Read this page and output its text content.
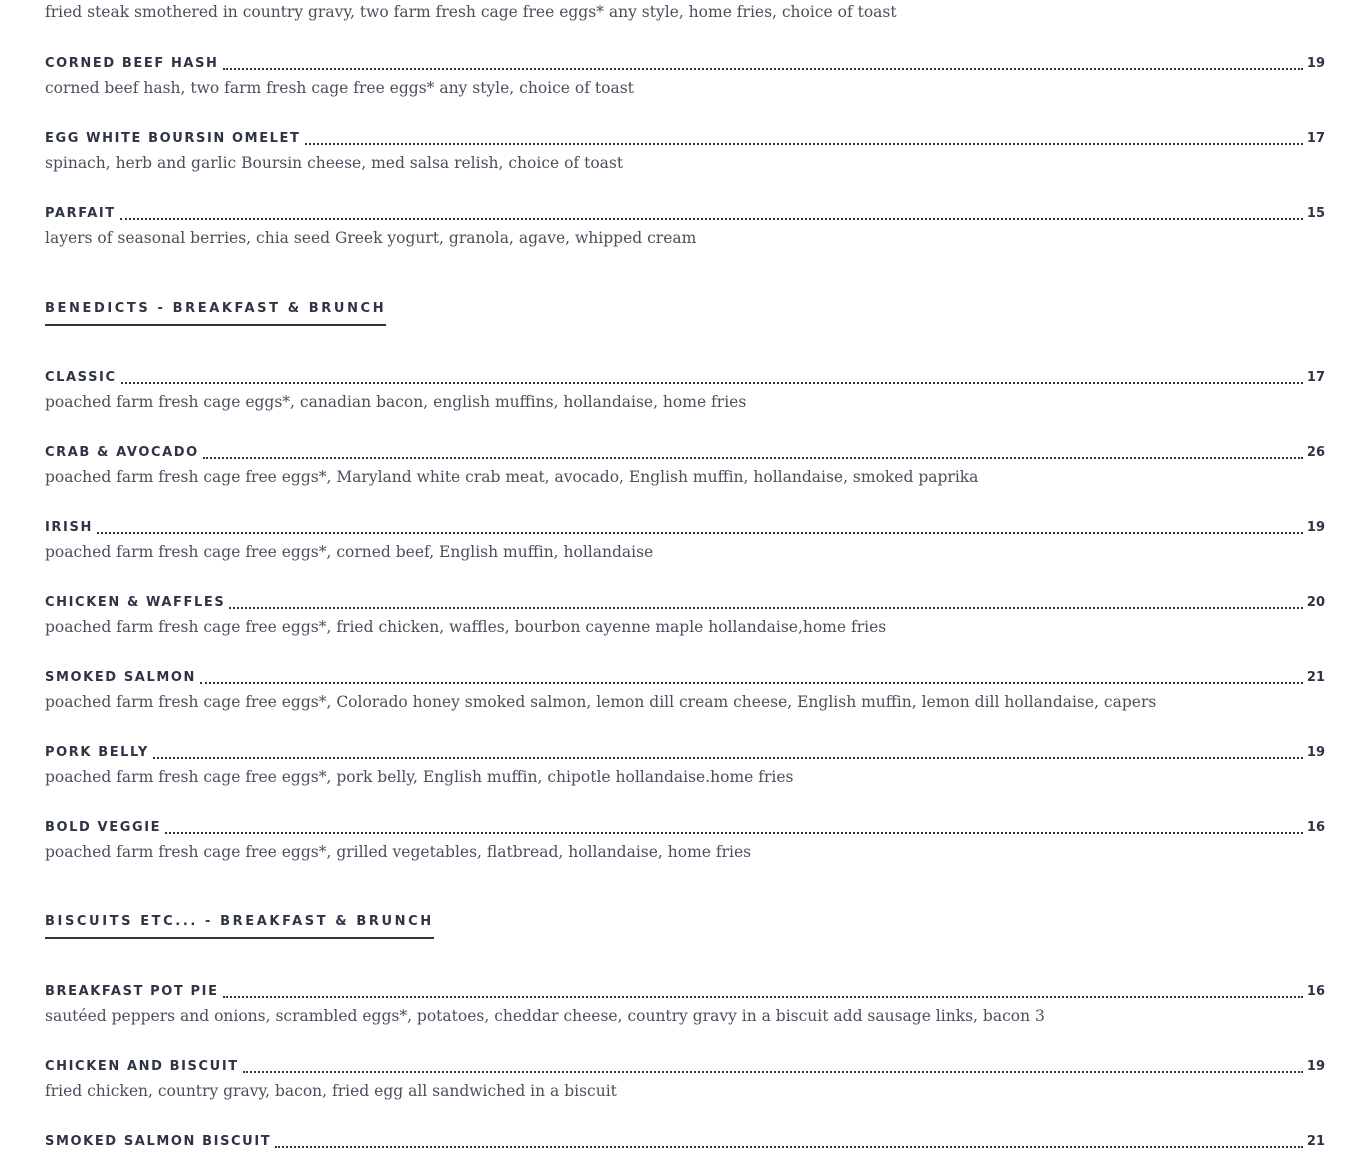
fried steak smothered in country gravy, two farm fresh cage free eggs* any style, home fries, choice of toast

CORNED BEEF HASH	19

corned beef hash, two farm fresh cage free eggs* any style, choice of toast

EGG WHITE BOURSIN OMELET	17

spinach, herb and garlic Boursin cheese, med salsa relish, choice of toast

PARFAIT	15

layers of seasonal berries, chia seed Greek yogurt, granola, agave, whipped cream

BENEDICTS - BREAKFAST & BRUNCH
CLASSIC	17

poached farm fresh cage eggs*, canadian bacon, english muffins, hollandaise, home fries

CRAB & AVOCADO	26

poached farm fresh cage free eggs*, Maryland white crab meat, avocado, English muffin, hollandaise, smoked paprika

IRISH	19

poached farm fresh cage free eggs*, corned beef, English muffin, hollandaise

CHICKEN & WAFFLES	20

poached farm fresh cage free eggs*, fried chicken, waffles, bourbon cayenne maple hollandaise,home fries

SMOKED SALMON	21

poached farm fresh cage free eggs*, Colorado honey smoked salmon, lemon dill cream cheese, English muffin, lemon dill hollandaise, capers

PORK BELLY	19

poached farm fresh cage free eggs*, pork belly, English muffin, chipotle hollandaise.home fries

BOLD VEGGIE	16

poached farm fresh cage free eggs*, grilled vegetables, flatbread, hollandaise, home fries

BISCUITS ETC... - BREAKFAST & BRUNCH
BREAKFAST POT PIE	16

sautéed peppers and onions, scrambled eggs*, potatoes, cheddar cheese, country gravy in a biscuit add sausage links, bacon 3

CHICKEN AND BISCUIT	19

fried chicken, country gravy, bacon, fried egg all sandwiched in a biscuit

SMOKED SALMON BISCUIT	21
